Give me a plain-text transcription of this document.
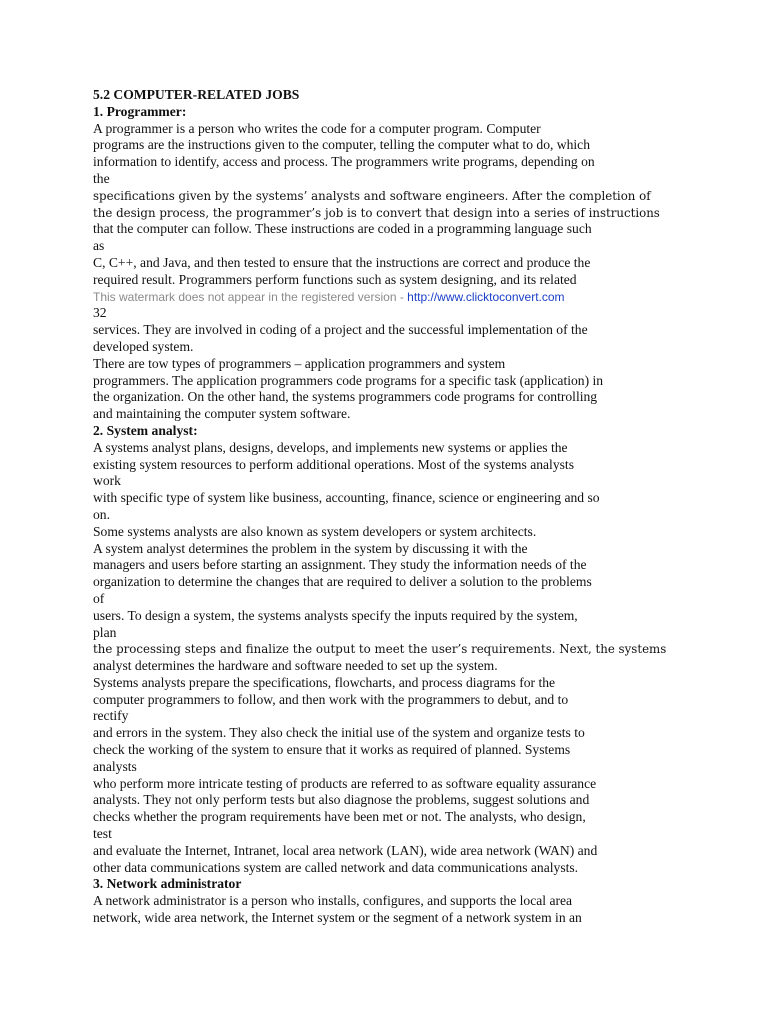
5.2 COMPUTER-RELATED JOBS
1. Programmer:
A programmer is a person who writes the code for a computer program. Computer
programs are the instructions given to the computer, telling the computer what to do, which
information to identify, access and process. The programmers write programs, depending on
the
specifications given by the systems’ analysts and software engineers. After the completion of
the design process, the programmer’s job is to convert that design into a series of instructions
that the computer can follow. These instructions are coded in a programming language such
as
C, C++, and Java, and then tested to ensure that the instructions are correct and produce the
required result. Programmers perform functions such as system designing, and its related
This watermark does not appear in the registered version - http://www.clicktoconvert.com
32
services. They are involved in coding of a project and the successful implementation of the
developed system.
There are tow types of programmers – application programmers and system
programmers. The application programmers code programs for a specific task (application) in
the organization. On the other hand, the systems programmers code programs for controlling
and maintaining the computer system software.
2. System analyst:
A systems analyst plans, designs, develops, and implements new systems or applies the
existing system resources to perform additional operations. Most of the systems analysts
work
with specific type of system like business, accounting, finance, science or engineering and so
on.
Some systems analysts are also known as system developers or system architects.
A system analyst determines the problem in the system by discussing it with the
managers and users before starting an assignment. They study the information needs of the
organization to determine the changes that are required to deliver a solution to the problems
of
users. To design a system, the systems analysts specify the inputs required by the system,
plan
the processing steps and finalize the output to meet the user’s requirements. Next, the systems
analyst determines the hardware and software needed to set up the system.
Systems analysts prepare the specifications, flowcharts, and process diagrams for the
computer programmers to follow, and then work with the programmers to debut, and to
rectify
and errors in the system. They also check the initial use of the system and organize tests to
check the working of the system to ensure that it works as required of planned. Systems
analysts
who perform more intricate testing of products are referred to as software equality assurance
analysts. They not only perform tests but also diagnose the problems, suggest solutions and
checks whether the program requirements have been met or not. The analysts, who design,
test
and evaluate the Internet, Intranet, local area network (LAN), wide area network (WAN) and
other data communications system are called network and data communications analysts.
3. Network administrator
A network administrator is a person who installs, configures, and supports the local area
network, wide area network, the Internet system or the segment of a network system in an
